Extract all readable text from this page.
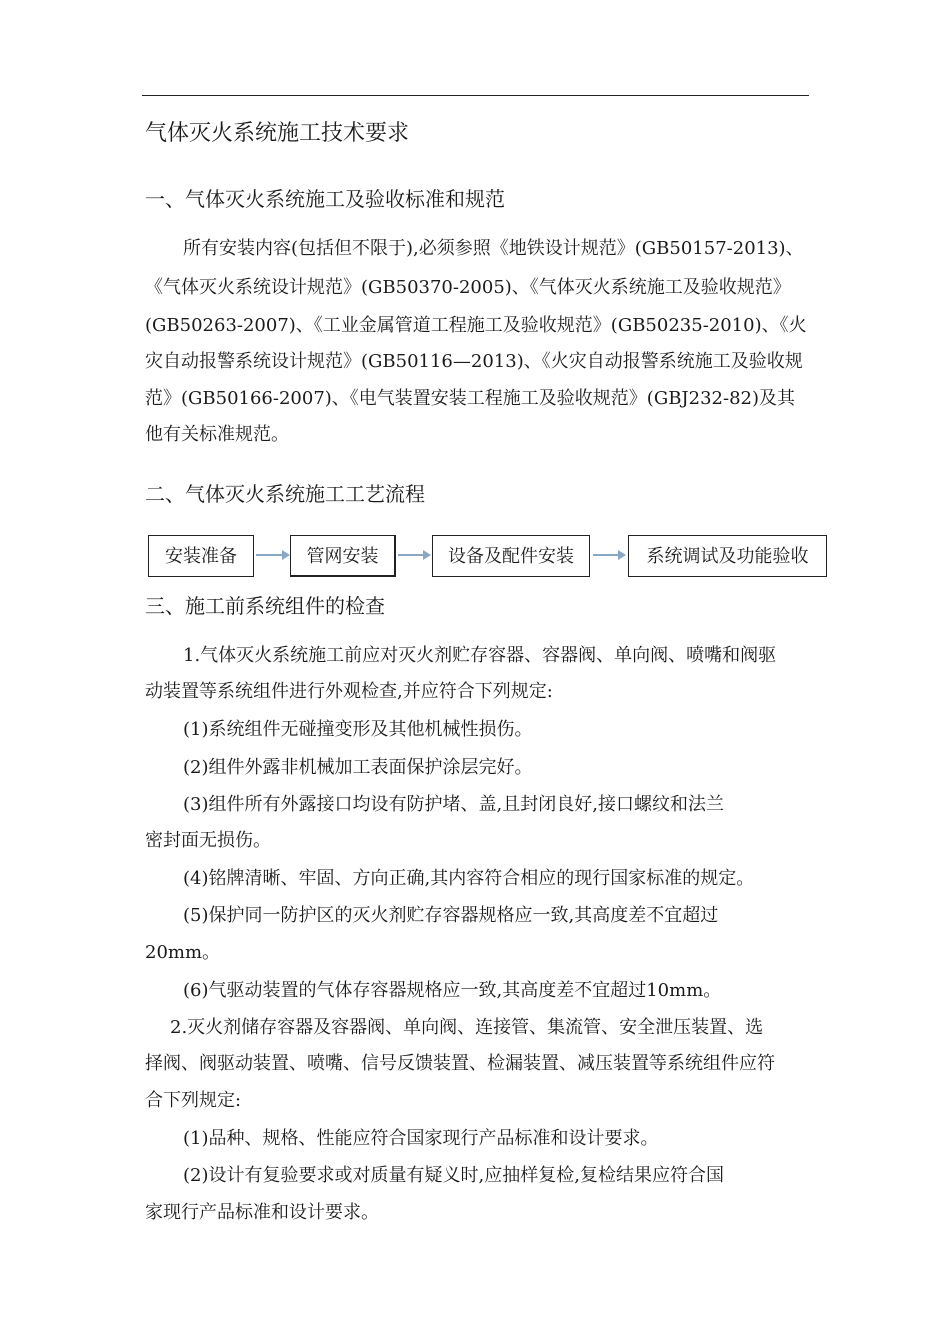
气体灭火系统施工技术要求
一、气体灭火系统施工及验收标准和规范
所有安装内容(包括但不限于),必须参照《地铁设计规范》(GB50157-2013)、
《气体灭火系统设计规范》(GB50370-2005)、《气体灭火系统施工及验收规范》
(GB50263-2007)、《工业金属管道工程施工及验收规范》(GB50235-2010)、《火
灾自动报警系统设计规范》(GB50116—2013)、《火灾自动报警系统施工及验收规
范》(GB50166-2007)、《电气装置安装工程施工及验收规范》(GBJ232-82)及其
他有关标准规范。
二、气体灭火系统施工工艺流程
安装准备	管网安装	设备及配件安装	系统调试及功能验收
三、施工前系统组件的检查
1.气体灭火系统施工前应对灭火剂贮存容器、容器阀、单向阀、喷嘴和阀驱
动装置等系统组件进行外观检查,并应符合下列规定:
(1)系统组件无碰撞变形及其他机械性损伤。
(2)组件外露非机械加工表面保护涂层完好。
(3)组件所有外露接口均设有防护堵、盖,且封闭良好,接口螺纹和法兰
密封面无损伤。
(4)铭牌清晰、牢固、方向正确,其内容符合相应的现行国家标准的规定。
(5)保护同一防护区的灭火剂贮存容器规格应一致,其高度差不宜超过
20mm。
(6)气驱动装置的气体存容器规格应一致,其高度差不宜超过10mm。
2.灭火剂储存容器及容器阀、单向阀、连接管、集流管、安全泄压装置、选
择阀、阀驱动装置、喷嘴、信号反馈装置、检漏装置、减压装置等系统组件应符
合下列规定:
(1)品种、规格、性能应符合国家现行产品标准和设计要求。
(2)设计有复验要求或对质量有疑义时,应抽样复检,复检结果应符合国
家现行产品标准和设计要求。
